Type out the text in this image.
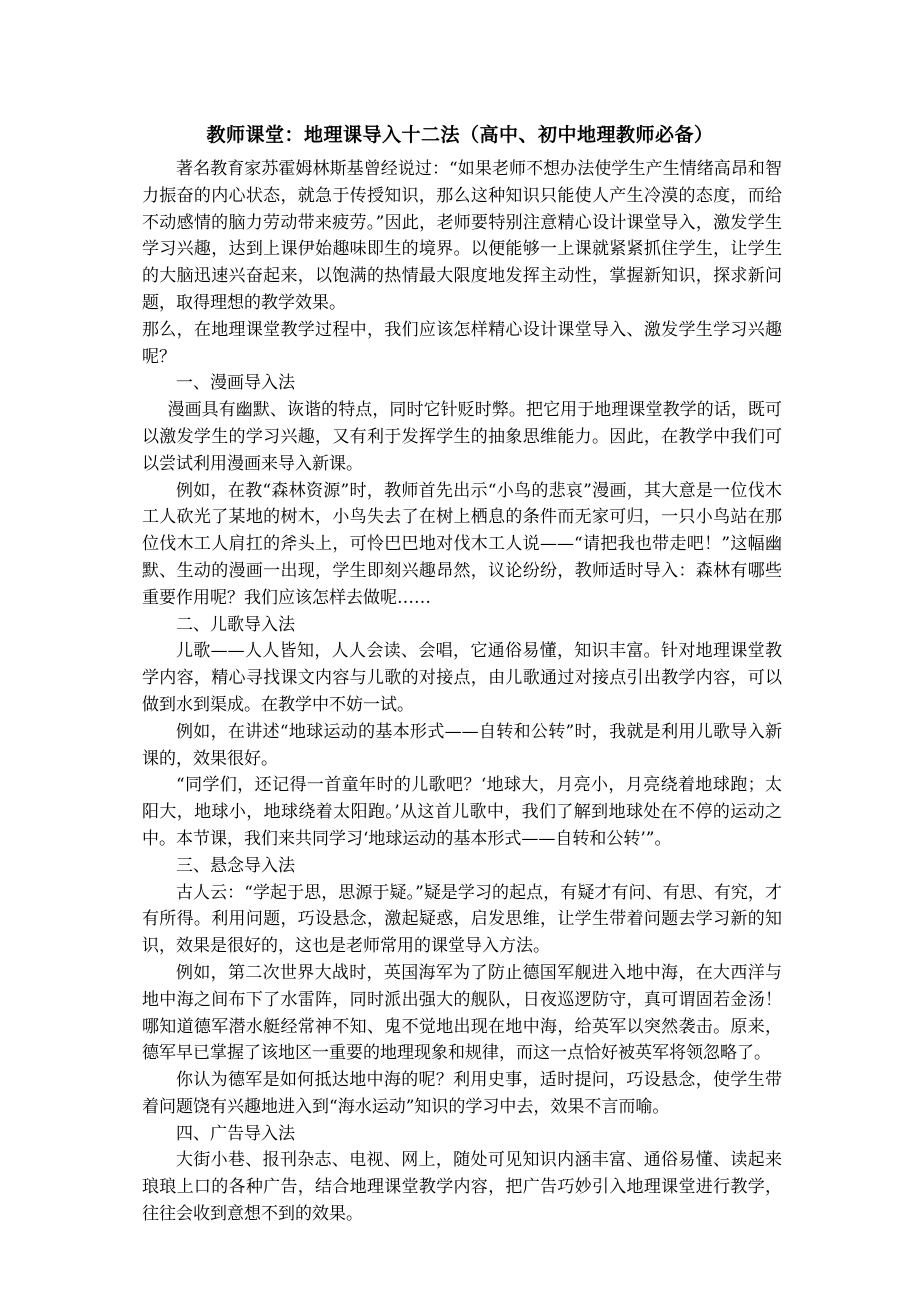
教师课堂：地理课导入十二法（高中、初中地理教师必备）

著名教育家苏霍姆林斯基曾经说过：“如果老师不想办法使学生产生情绪高昂和智力振奋的内心状态，就急于传授知识，那么这种知识只能使人产生冷漠的态度，而给不动感情的脑力劳动带来疲劳。”因此，老师要特别注意精心设计课堂导入，激发学生学习兴趣，达到上课伊始趣味即生的境界。以便能够一上课就紧紧抓住学生，让学生的大脑迅速兴奋起来，以饱满的热情最大限度地发挥主动性，掌握新知识，探求新问题，取得理想的教学效果。

那么，在地理课堂教学过程中，我们应该怎样精心设计课堂导入、激发学生学习兴趣呢？

一、漫画导入法

漫画具有幽默、诙谐的特点，同时它针贬时弊。把它用于地理课堂教学的话，既可以激发学生的学习兴趣，又有利于发挥学生的抽象思维能力。因此，在教学中我们可以尝试利用漫画来导入新课。

例如，在教“森林资源”时，教师首先出示“小鸟的悲哀”漫画，其大意是一位伐木工人砍光了某地的树木，小鸟失去了在树上栖息的条件而无家可归，一只小鸟站在那位伐木工人肩扛的斧头上，可怜巴巴地对伐木工人说——“请把我也带走吧！”这幅幽默、生动的漫画一出现，学生即刻兴趣昂然，议论纷纷，教师适时导入：森林有哪些重要作用呢？我们应该怎样去做呢……

二、儿歌导入法

儿歌——人人皆知，人人会读、会唱，它通俗易懂，知识丰富。针对地理课堂教学内容，精心寻找课文内容与儿歌的对接点，由儿歌通过对接点引出教学内容，可以做到水到渠成。在教学中不妨一试。

例如，在讲述“地球运动的基本形式——自转和公转”时，我就是利用儿歌导入新课的，效果很好。

“同学们，还记得一首童年时的儿歌吧？‘地球大，月亮小，月亮绕着地球跑；太阳大，地球小，地球绕着太阳跑。’从这首儿歌中，我们了解到地球处在不停的运动之中。本节课，我们来共同学习‘地球运动的基本形式——自转和公转’”。

三、悬念导入法

古人云：“学起于思，思源于疑。”疑是学习的起点，有疑才有问、有思、有究，才有所得。利用问题，巧设悬念，激起疑惑，启发思维，让学生带着问题去学习新的知识，效果是很好的，这也是老师常用的课堂导入方法。

例如，第二次世界大战时，英国海军为了防止德国军舰进入地中海，在大西洋与地中海之间布下了水雷阵，同时派出强大的舰队，日夜巡逻防守，真可谓固若金汤！哪知道德军潜水艇经常神不知、鬼不觉地出现在地中海，给英军以突然袭击。原来，德军早已掌握了该地区一重要的地理现象和规律，而这一点恰好被英军将领忽略了。

你认为德军是如何抵达地中海的呢？利用史事，适时提问，巧设悬念，使学生带着问题饶有兴趣地进入到“海水运动”知识的学习中去，效果不言而喻。

四、广告导入法

大街小巷、报刊杂志、电视、网上，随处可见知识内涵丰富、通俗易懂、读起来琅琅上口的各种广告，结合地理课堂教学内容，把广告巧妙引入地理课堂进行教学，往往会收到意想不到的效果。
